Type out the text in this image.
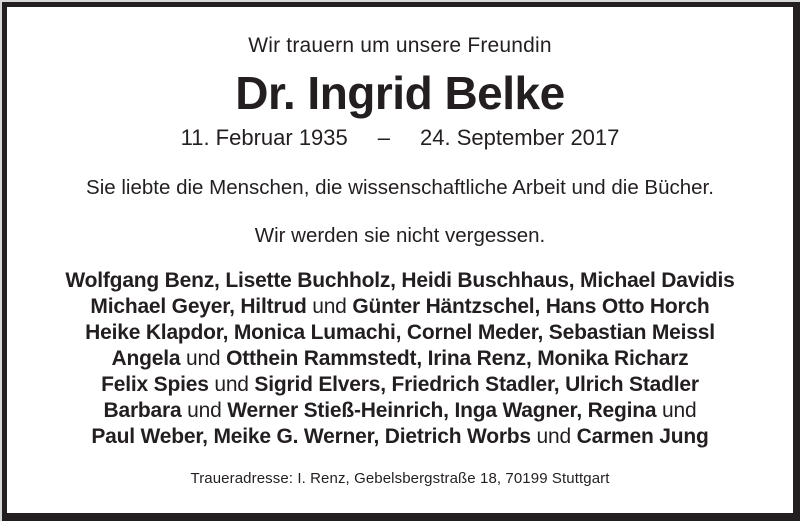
Wir trauern um unsere Freundin

Dr. Ingrid Belke
11. Februar 1935 – 24. September 2017

Sie liebte die Menschen, die wissenschaftliche Arbeit und die Bücher.

Wir werden sie nicht vergessen.

Wolfgang Benz, Lisette Buchholz, Heidi Buschhaus, Michael Davidis
Michael Geyer, Hiltrud und Günter Häntzschel, Hans Otto Horch
Heike Klapdor, Monica Lumachi, Cornel Meder, Sebastian Meissl
Angela und Otthein Rammstedt, Irina Renz, Monika Richarz
Felix Spies und Sigrid Elvers, Friedrich Stadler, Ulrich Stadler
Barbara und Werner Stieß-Heinrich, Inga Wagner, Regina und
Paul Weber, Meike G. Werner, Dietrich Worbs und Carmen Jung

Traueradresse: I. Renz, Gebelsbergstraße 18, 70199 Stuttgart
